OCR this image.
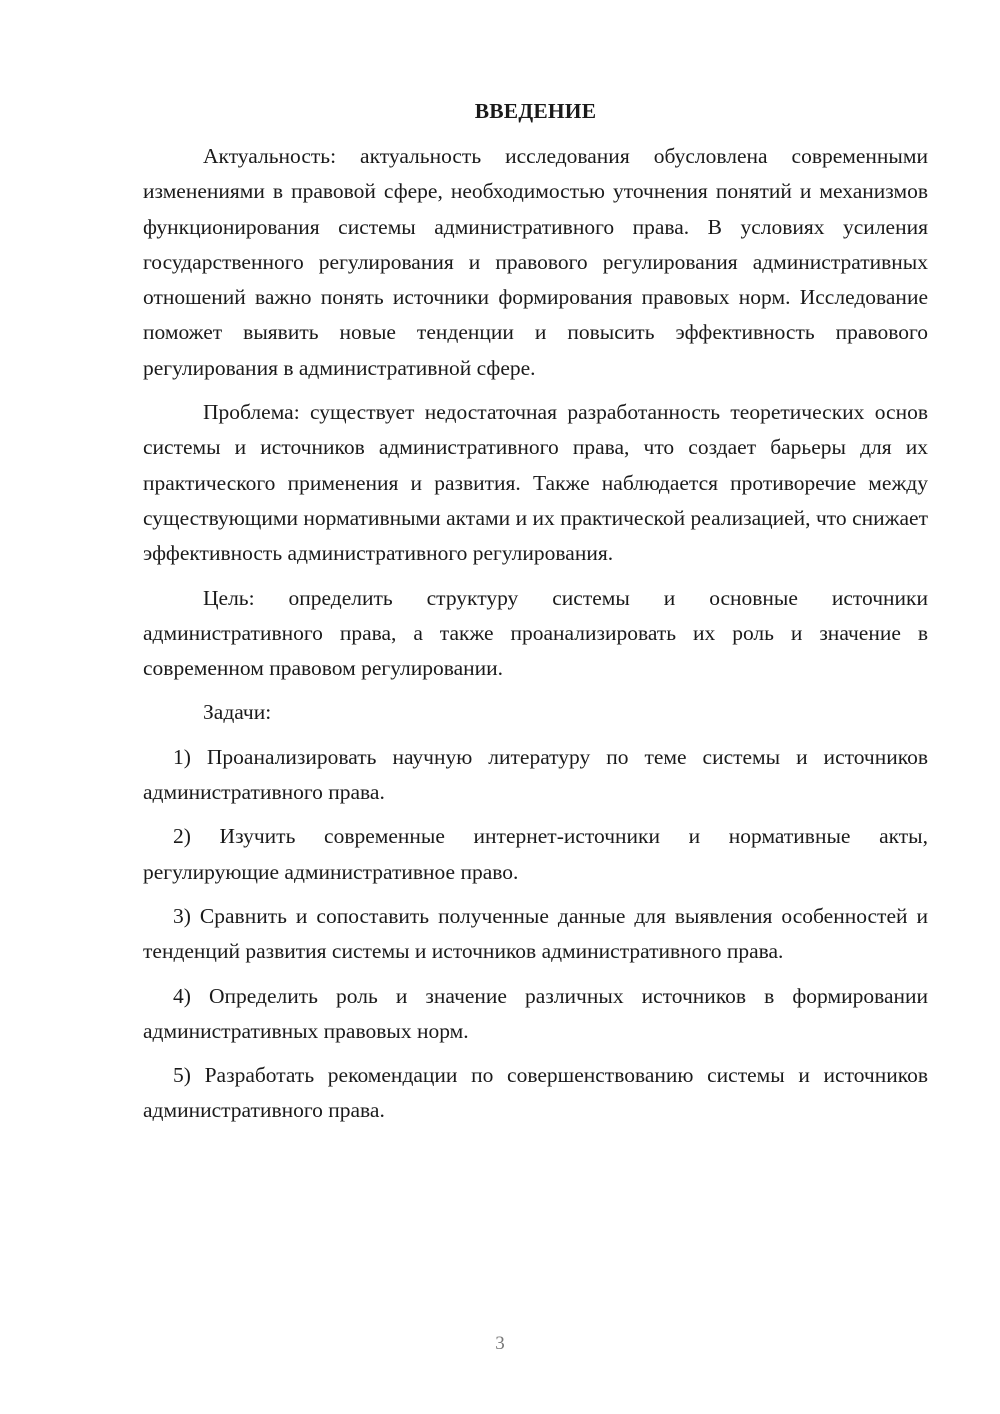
ВВЕДЕНИЕ

Актуальность: актуальность исследования обусловлена современными изменениями в правовой сфере, необходимостью уточнения понятий и механизмов функционирования системы административного права. В условиях усиления государственного регулирования и правового регулирования административных отношений важно понять источники формирования правовых норм. Исследование поможет выявить новые тенденции и повысить эффективность правового регулирования в административной сфере.

Проблема: существует недостаточная разработанность теоретических основ системы и источников административного права, что создает барьеры для их практического применения и развития. Также наблюдается противоречие между существующими нормативными актами и их практической реализацией, что снижает эффективность административного регулирования.

Цель: определить структуру системы и основные источники административного права, а также проанализировать их роль и значение в современном правовом регулировании.

Задачи:

1) Проанализировать научную литературу по теме системы и источников административного права.

2) Изучить современные интернет-источники и нормативные акты, регулирующие административное право.

3) Сравнить и сопоставить полученные данные для выявления особенностей и тенденций развития системы и источников административного права.

4) Определить роль и значение различных источников в формировании административных правовых норм.

5) Разработать рекомендации по совершенствованию системы и источников административного права.

3
